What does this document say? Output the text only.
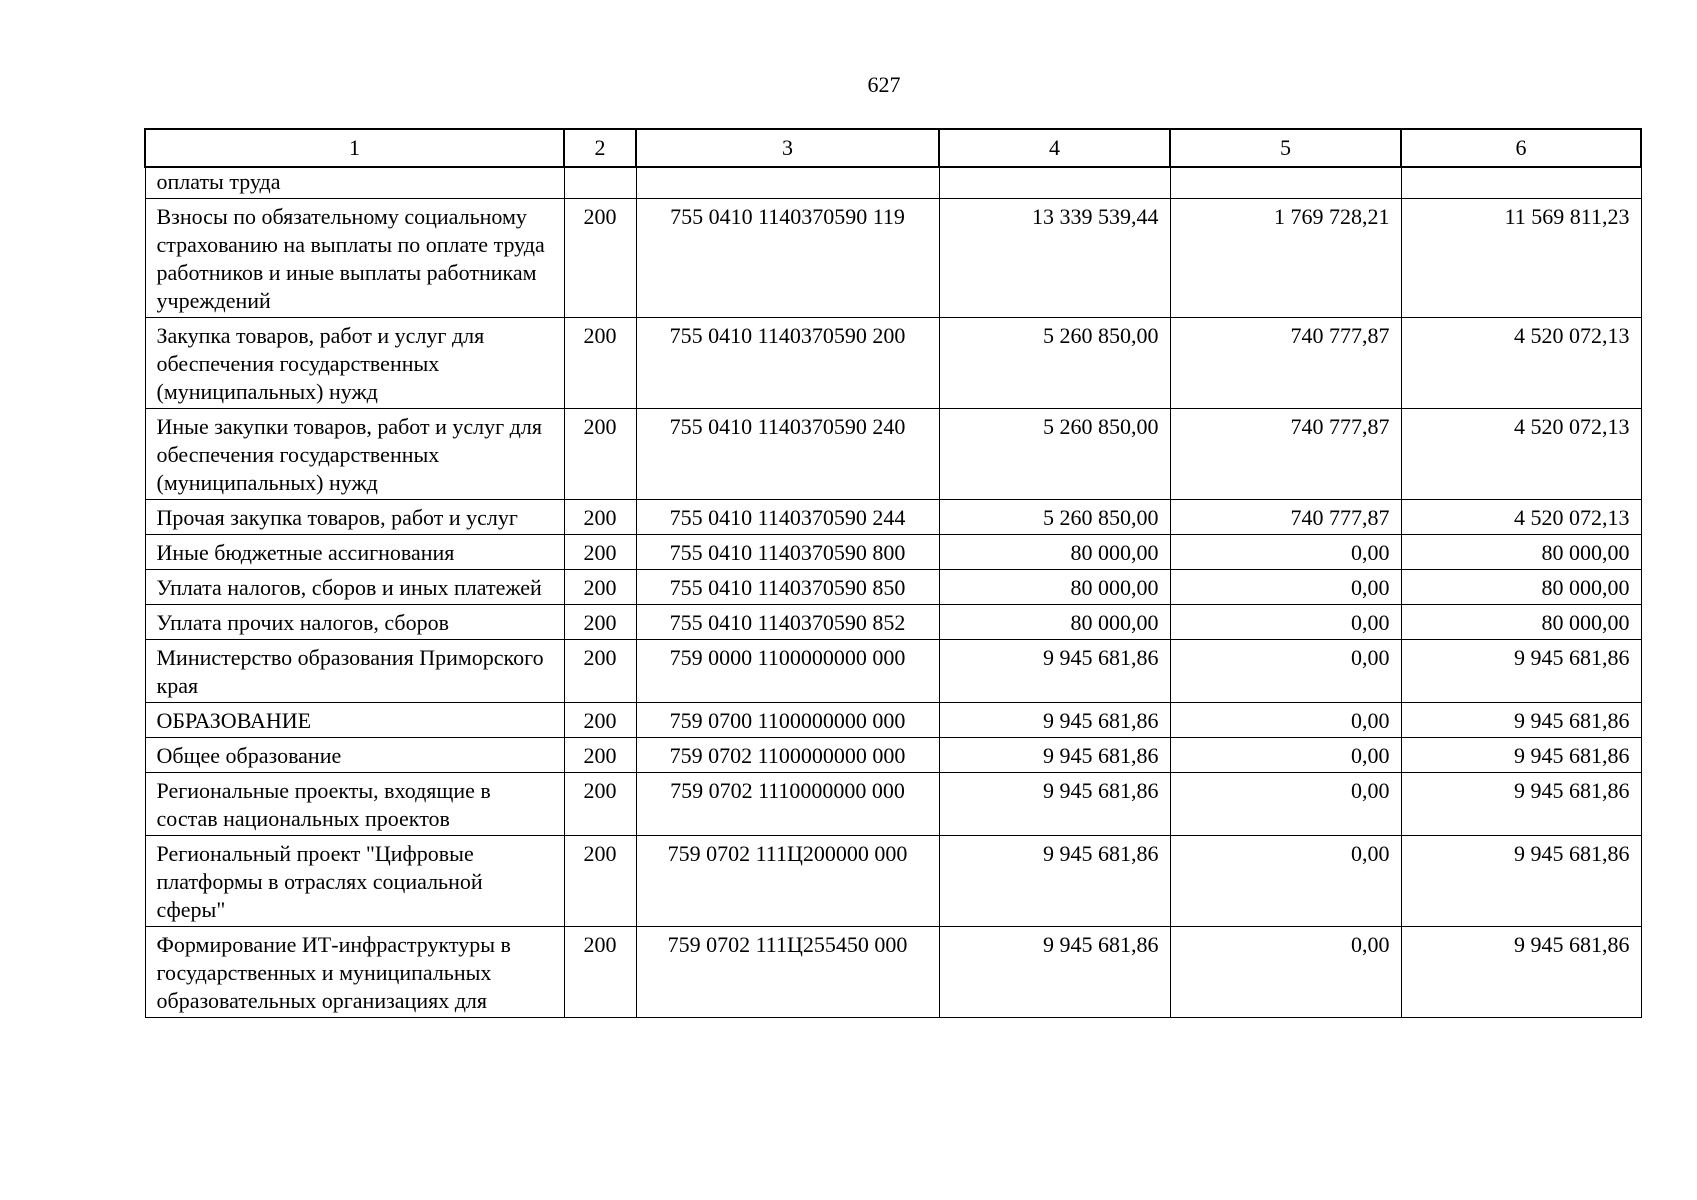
627
1	2	3	4	5	6
оплаты труда					
Взносы по обязательному социальному страхованию на выплаты по оплате труда работников и иные выплаты работникам учреждений	200	755 0410 1140370590 119	13 339 539,44	1 769 728,21	11 569 811,23
Закупка товаров, работ и услуг для обеспечения государственных (муниципальных) нужд	200	755 0410 1140370590 200	5 260 850,00	740 777,87	4 520 072,13
Иные закупки товаров, работ и услуг для обеспечения государственных (муниципальных) нужд	200	755 0410 1140370590 240	5 260 850,00	740 777,87	4 520 072,13
Прочая закупка товаров, работ и услуг	200	755 0410 1140370590 244	5 260 850,00	740 777,87	4 520 072,13
Иные бюджетные ассигнования	200	755 0410 1140370590 800	80 000,00	0,00	80 000,00
Уплата налогов, сборов и иных платежей	200	755 0410 1140370590 850	80 000,00	0,00	80 000,00
Уплата прочих налогов, сборов	200	755 0410 1140370590 852	80 000,00	0,00	80 000,00
Министерство образования Приморского края	200	759 0000 1100000000 000	9 945 681,86	0,00	9 945 681,86
ОБРАЗОВАНИЕ	200	759 0700 1100000000 000	9 945 681,86	0,00	9 945 681,86
Общее образование	200	759 0702 1100000000 000	9 945 681,86	0,00	9 945 681,86
Региональные проекты, входящие в состав национальных проектов	200	759 0702 1110000000 000	9 945 681,86	0,00	9 945 681,86
Региональный проект "Цифровые платформы в отраслях социальной сферы"	200	759 0702 111Ц200000 000	9 945 681,86	0,00	9 945 681,86
Формирование ИТ-инфраструктуры в государственных и муниципальных образовательных организациях для	200	759 0702 111Ц255450 000	9 945 681,86	0,00	9 945 681,86
